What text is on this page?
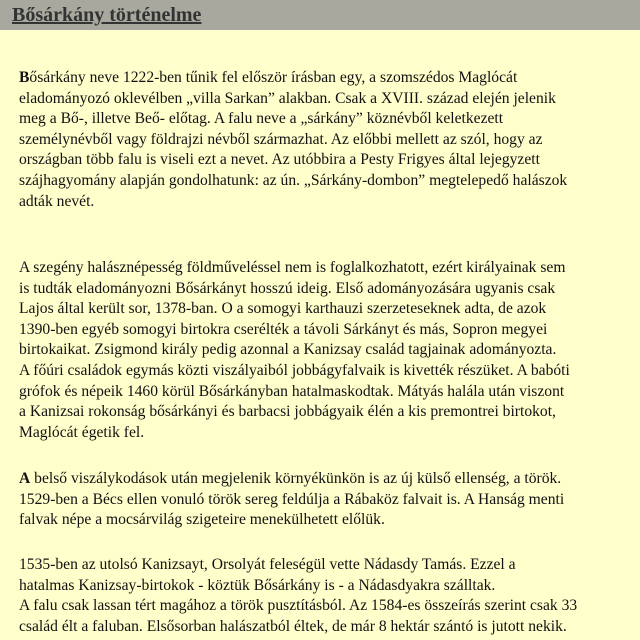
Bősárkány történelme
Bősárkány neve 1222-ben tűnik fel először írásban egy, a szomszédos Maglócát
eladományozó oklevélben „villa Sarkan” alakban. Csak a XVIII. század elején jelenik
meg a Bő-, illetve Beő- előtag. A falu neve a „sárkány” köznévből keletkezett
személynévből vagy földrajzi névből származhat. Az előbbi mellett az szól, hogy az
országban több falu is viseli ezt a nevet. Az utóbbira a Pesty Frigyes által lejegyzett
szájhagyomány alapján gondolhatunk: az ún. „Sárkány-dombon” megtelepedő halászok
adták nevét.
A szegény halásznépesség földműveléssel nem is foglalkozhatott, ezért királyainak sem
is tudták eladományozni Bősárkányt hosszú ideig. Első adományozására ugyanis csak
Lajos által került sor, 1378-ban. O a somogyi karthauzi szerzeteseknek adta, de azok
1390-ben egyéb somogyi birtokra cserélték a távoli Sárkányt és más, Sopron megyei
birtokaikat. Zsigmond király pedig azonnal a Kanizsay család tagjainak adományozta.
A főúri családok egymás közti viszályaiból jobbágyfalvaik is kivették részüket. A babóti
grófok és népeik 1460 körül Bősárkányban hatalmaskodtak. Mátyás halála után viszont
a Kanizsai rokonság bősárkányi és barbacsi jobbágyaik élén a kis premontrei birtokot,
Maglócát égetik fel.
A belső viszálykodások után megjelenik környékünkön is az új külső ellenség, a török.
1529-ben a Bécs ellen vonuló török sereg feldúlja a Rábaköz falvait is. A Hanság menti
falvak népe a mocsárvilág szigeteire menekülhetett előlük.
1535-ben az utolsó Kanizsayt, Orsolyát feleségül vette Nádasdy Tamás. Ezzel a
hatalmas Kanizsay-birtokok - köztük Bősárkány is - a Nádasdyakra szálltak.
A falu csak lassan tért magához a török pusztításból. Az 1584-es összeírás szerint csak 33
család élt a faluban. Elsősorban halászatból éltek, de már 8 hektár szántó is jutott nekik.
